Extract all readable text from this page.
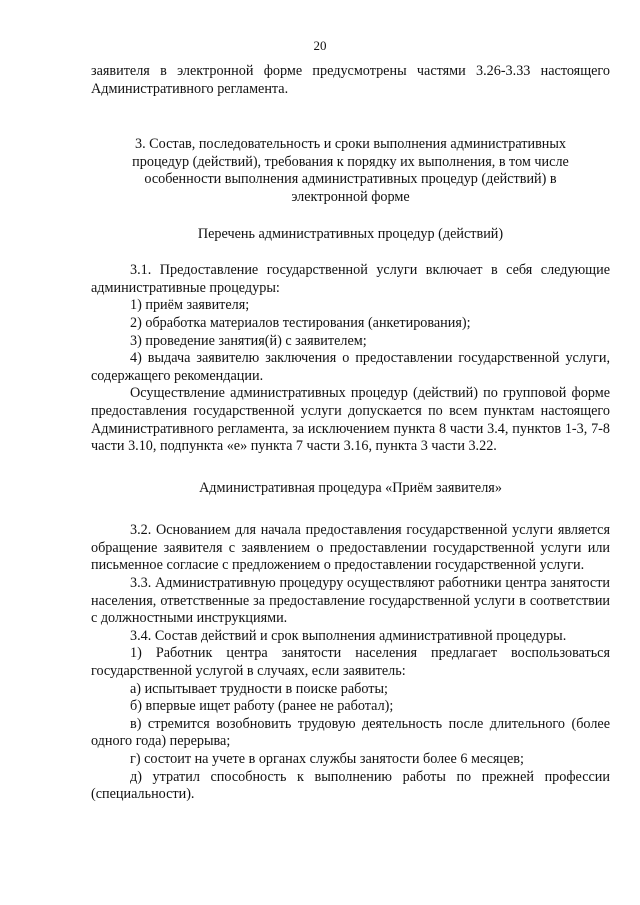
20

заявителя в электронной форме предусмотрены частями 3.26-3.33 настоящего Административного регламента.

3. Состав, последовательность и сроки выполнения административных
процедур (действий), требования к порядку их выполнения, в том числе
особенности выполнения административных процедур (действий) в
электронной форме

Перечень административных процедур (действий)

3.1. Предоставление государственной услуги включает в себя следующие административные процедуры:

1) приём заявителя;

2) обработка материалов тестирования (анкетирования);

3) проведение занятия(й) с заявителем;

4) выдача заявителю заключения о предоставлении государственной услуги, содержащего рекомендации.

Осуществление административных процедур (действий) по групповой форме предоставления государственной услуги допускается по всем пунктам настоящего Административного регламента, за исключением пункта 8 части 3.4, пунктов 1-3, 7-8 части 3.10, подпункта «е» пункта 7 части 3.16, пункта 3 части 3.22.

Административная процедура «Приём заявителя»

3.2. Основанием для начала предоставления государственной услуги является обращение заявителя с заявлением о предоставлении государственной услуги или письменное согласие с предложением о предоставлении государственной услуги.

3.3. Административную процедуру осуществляют работники центра занятости населения, ответственные за предоставление государственной услуги в соответствии с должностными инструкциями.

3.4. Состав действий и срок выполнения административной процедуры.

1) Работник центра занятости населения предлагает воспользоваться государственной услугой в случаях, если заявитель:

а) испытывает трудности в поиске работы;

б) впервые ищет работу (ранее не работал);

в) стремится возобновить трудовую деятельность после длительного (более одного года) перерыва;

г) состоит на учете в органах службы занятости более 6 месяцев;

д) утратил способность к выполнению работы по прежней профессии (специальности).
